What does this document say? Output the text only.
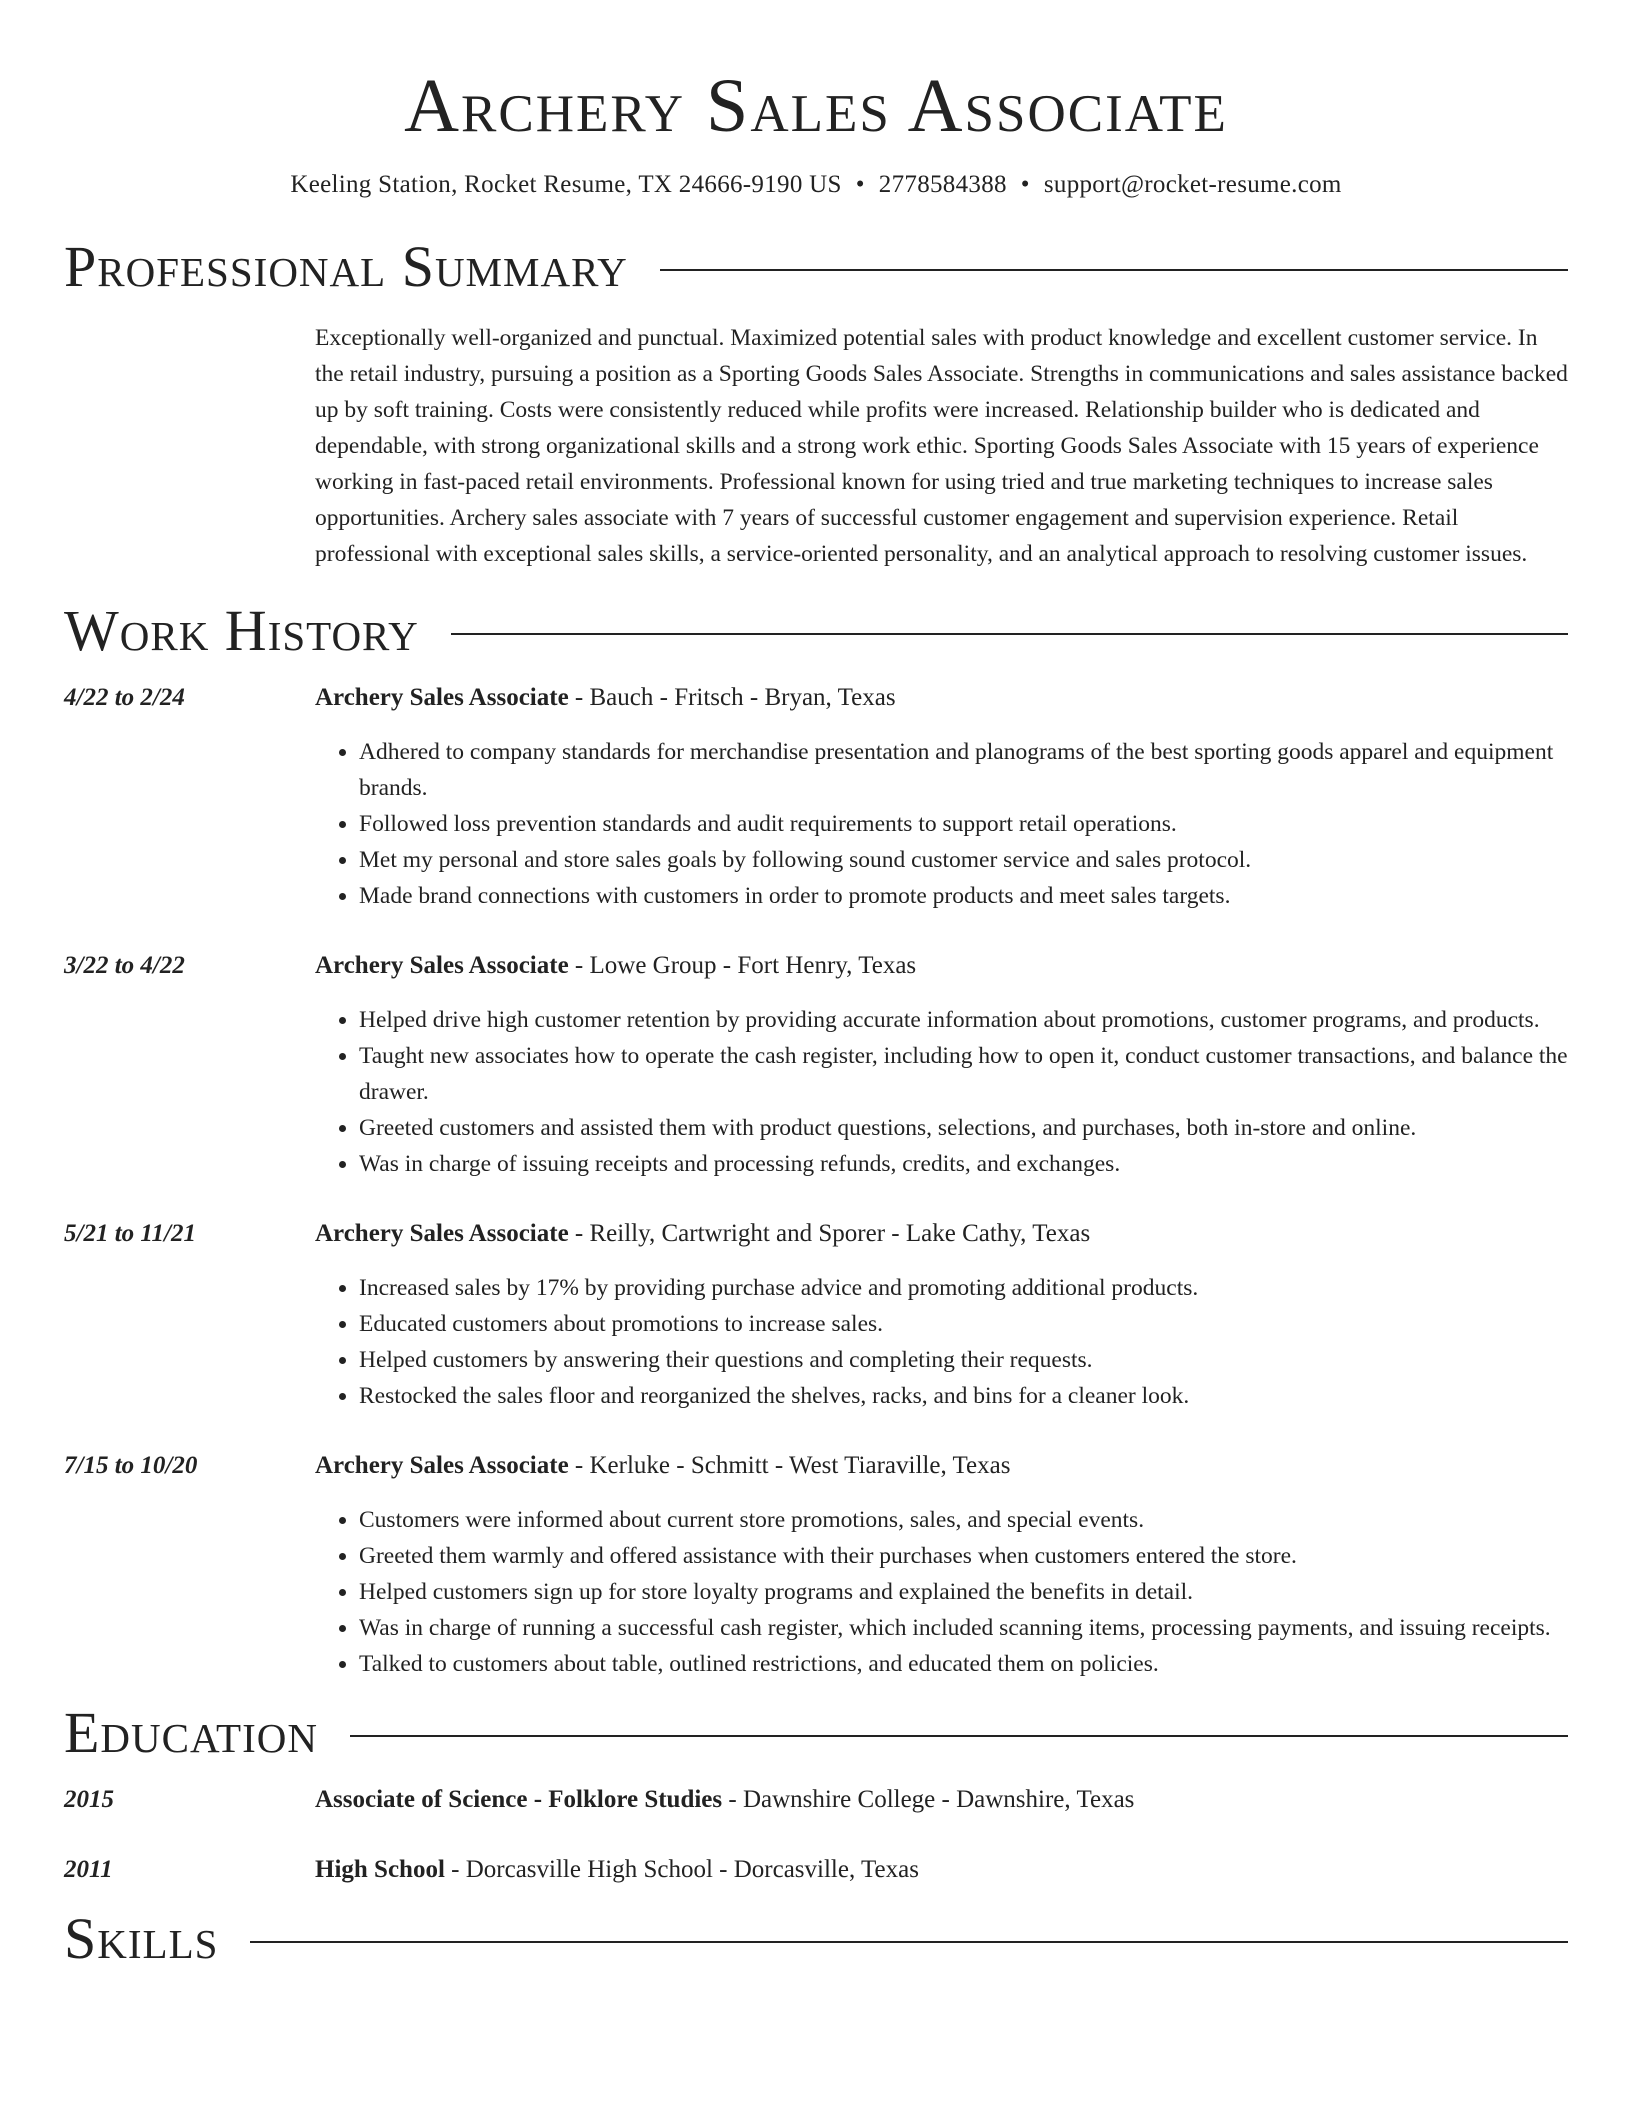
Archery Sales Associate
Keeling Station, Rocket Resume, TX 24666-9190 US • 2778584388 • support@rocket-resume.com
Professional Summary
Exceptionally well-organized and punctual. Maximized potential sales with product knowledge and excellent customer service. In the retail industry, pursuing a position as a Sporting Goods Sales Associate. Strengths in communications and sales assistance backed up by soft training. Costs were consistently reduced while profits were increased. Relationship builder who is dedicated and dependable, with strong organizational skills and a strong work ethic. Sporting Goods Sales Associate with 15 years of experience working in fast-paced retail environments. Professional known for using tried and true marketing techniques to increase sales opportunities. Archery sales associate with 7 years of successful customer engagement and supervision experience. Retail professional with exceptional sales skills, a service-oriented personality, and an analytical approach to resolving customer issues.
Work History
4/22 to 2/24	Archery Sales Associate - Bauch - Fritsch - Bryan, Texas
• Adhered to company standards for merchandise presentation and planograms of the best sporting goods apparel and equipment brands.
• Followed loss prevention standards and audit requirements to support retail operations.
• Met my personal and store sales goals by following sound customer service and sales protocol.
• Made brand connections with customers in order to promote products and meet sales targets.
3/22 to 4/22	Archery Sales Associate - Lowe Group - Fort Henry, Texas
• Helped drive high customer retention by providing accurate information about promotions, customer programs, and products.
• Taught new associates how to operate the cash register, including how to open it, conduct customer transactions, and balance the drawer.
• Greeted customers and assisted them with product questions, selections, and purchases, both in-store and online.
• Was in charge of issuing receipts and processing refunds, credits, and exchanges.
5/21 to 11/21	Archery Sales Associate - Reilly, Cartwright and Sporer - Lake Cathy, Texas
• Increased sales by 17% by providing purchase advice and promoting additional products.
• Educated customers about promotions to increase sales.
• Helped customers by answering their questions and completing their requests.
• Restocked the sales floor and reorganized the shelves, racks, and bins for a cleaner look.
7/15 to 10/20	Archery Sales Associate - Kerluke - Schmitt - West Tiaraville, Texas
• Customers were informed about current store promotions, sales, and special events.
• Greeted them warmly and offered assistance with their purchases when customers entered the store.
• Helped customers sign up for store loyalty programs and explained the benefits in detail.
• Was in charge of running a successful cash register, which included scanning items, processing payments, and issuing receipts.
• Talked to customers about table, outlined restrictions, and educated them on policies.
Education
2015	Associate of Science - Folklore Studies - Dawnshire College - Dawnshire, Texas
2011	High School - Dorcasville High School - Dorcasville, Texas
Skills
